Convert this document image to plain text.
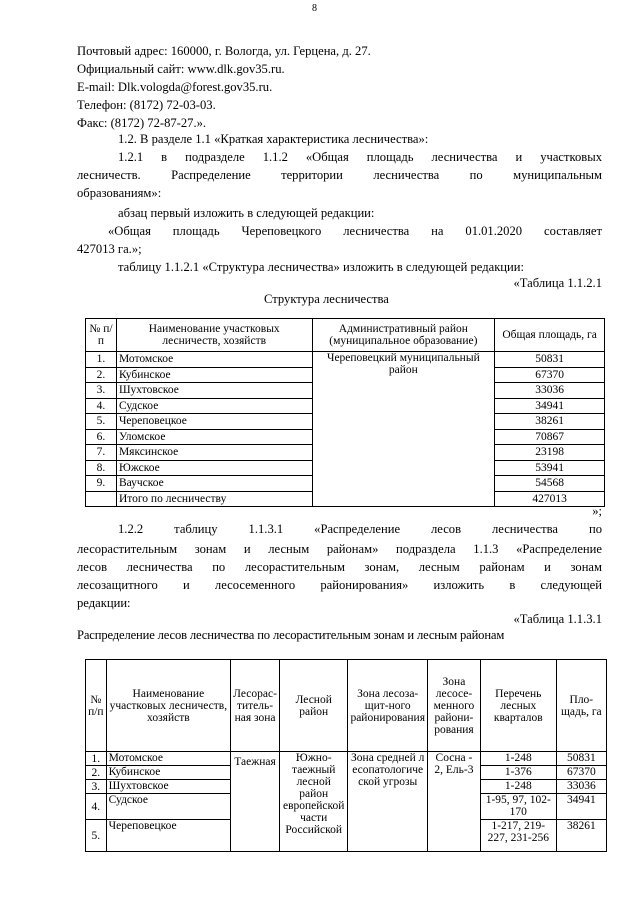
8
Почтовый адрес: 160000, г. Вологда, ул. Герцена, д. 27.
Официальный сайт: www.dlk.gov35.ru.
E-mail: Dlk.vologda@forest.gov35.ru.
Телефон: (8172) 72-03-03.
Факс: (8172) 72-87-27.».
1.2. В разделе 1.1 «Краткая характеристика лесничества»:
1.2.1 в подразделе 1.1.2 «Общая площадь лесничества и участковых
лесничеств. Распределение территории лесничества по муниципальным
образованиям»:
абзац первый изложить в следующей редакции:
«Общая площадь Череповецкого лесничества на 01.01.2020 составляет
427013 га.»;
таблицу 1.1.2.1 «Структура лесничества» изложить в следующей редакции:
«Таблица 1.1.2.1
Структура лесничества
№ п/п	Наименование участковых лесничеств, хозяйств	Административный район (муниципальное образование)	Общая площадь, га
1.	Мотомское	Череповецкий муниципальный район	50831
2.	Кубинское		67370
3.	Шухтовское		33036
4.	Судское		34941
5.	Череповецкое		38261
6.	Уломское		70867
7.	Мяксинское		23198
8.	Южское		53941
9.	Ваучское		54568
	Итого по лесничеству		427013
»;
1.2.2 таблицу 1.1.3.1 «Распределение лесов лесничества по
лесорастительным зонам и лесным районам» подраздела 1.1.3 «Распределение
лесов лесничества по лесорастительным зонам, лесным районам и зонам
лесозащитного и лесосеменного районирования» изложить в следующей
редакции:
«Таблица 1.1.3.1
Распределение лесов лесничества по лесорастительным зонам и лесным районам
№ п/п	Наименование участковых лесничеств, хозяйств	Лесорас-титель-ная зона	Лесной район	Зона лесоза-щит-ного районирования	Зона лесосе-менного райони-рования	Перечень лесных кварталов	Пло-щадь, га
1.	Мотомское	Таежная	Южно-таежный лесной район европейской части Российской	Зона средней лесопатологической угрозы	Сосна - 2, Ель-3	1-248	50831
2.	Кубинское					1-376	67370
3.	Шухтовское					1-248	33036
4.	Судское					1-95, 97, 102-170	34941
5.	Череповецкое					1-217, 219-227, 231-256	38261
